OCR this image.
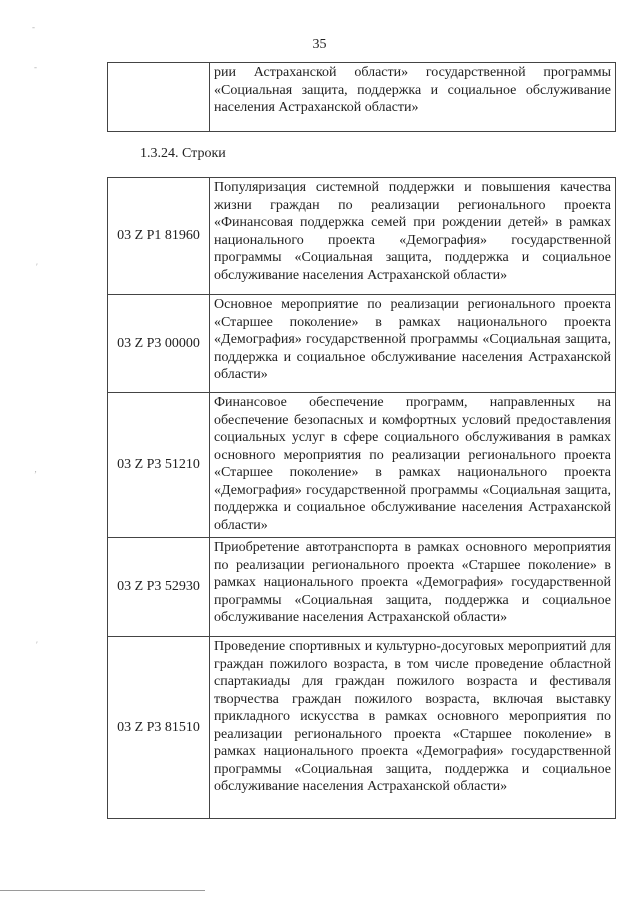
35
	рии Астраханской области» государственной программы «Социальная защита, поддержка и социальное обслуживание населения Астраханской области»
1.3.24. Строки
03 Z P1 81960	Популяризация системной поддержки и повышения качества жизни граждан по реализации регионального проекта «Финансовая поддержка семей при рождении детей» в рамках национального проекта «Демография» государственной программы «Социальная защита, поддержка и социальное обслуживание населения Астраханской области»
03 Z P3 00000	Основное мероприятие по реализации регионального проекта «Старшее поколение» в рамках национального проекта «Демография» государственной программы «Социальная защита, поддержка и социальное обслуживание населения Астраханской области»
03 Z P3 51210	Финансовое обеспечение программ, направленных на обеспечение безопасных и комфортных условий предоставления социальных услуг в сфере социального обслуживания в рамках основного мероприятия по реализации регионального проекта «Старшее поколение» в рамках национального проекта «Демография» государственной программы «Социальная защита, поддержка и социальное обслуживание населения Астраханской области»
03 Z P3 52930	Приобретение автотранспорта в рамках основного мероприятия по реализации регионального проекта «Старшее поколение» в рамках национального проекта «Демография» государственной программы «Социальная защита, поддержка и социальное обслуживание населения Астраханской области»
03 Z P3 81510	Проведение спортивных и культурно-досуговых мероприятий для граждан пожилого возраста, в том числе проведение областной спартакиады для граждан пожилого возраста и фестиваля творчества граждан пожилого возраста, включая выставку прикладного искусства в рамках основного мероприятия по реализации регионального проекта «Старшее поколение» в рамках национального проекта «Демография» государственной программы «Социальная защита, поддержка и социальное обслуживание населения Астраханской области»
-
-
′
‚
′
